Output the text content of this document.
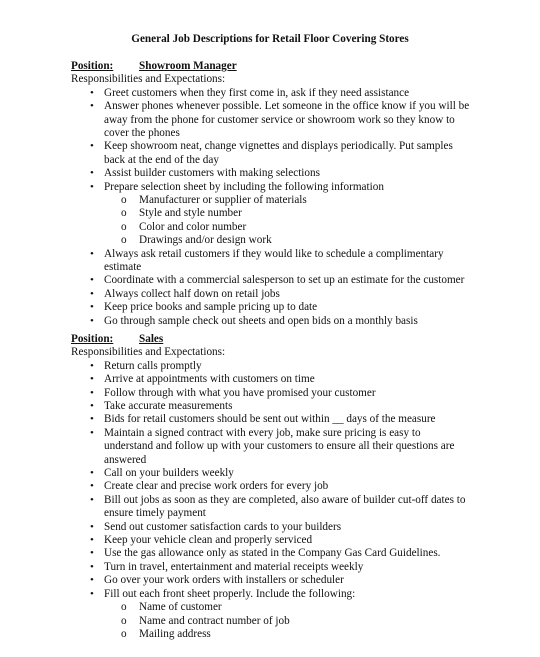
General Job Descriptions for Retail Floor Covering Stores
Position: Showroom Manager
Responsibilities and Expectations:
• Greet customers when they first come in, ask if they need assistance
• Answer phones whenever possible. Let someone in the office know if you will be away from the phone for customer service or showroom work so they know to cover the phones
• Keep showroom neat, change vignettes and displays periodically. Put samples back at the end of the day
• Assist builder customers with making selections
• Prepare selection sheet by including the following information
o Manufacturer or supplier of materials
o Style and style number
o Color and color number
o Drawings and/or design work
• Always ask retail customers if they would like to schedule a complimentary estimate
• Coordinate with a commercial salesperson to set up an estimate for the customer
• Always collect half down on retail jobs
• Keep price books and sample pricing up to date
• Go through sample check out sheets and open bids on a monthly basis
Position: Sales
Responsibilities and Expectations:
• Return calls promptly
• Arrive at appointments with customers on time
• Follow through with what you have promised your customer
• Take accurate measurements
• Bids for retail customers should be sent out within __ days of the measure
• Maintain a signed contract with every job, make sure pricing is easy to understand and follow up with your customers to ensure all their questions are answered
• Call on your builders weekly
• Create clear and precise work orders for every job
• Bill out jobs as soon as they are completed, also aware of builder cut-off dates to ensure timely payment
• Send out customer satisfaction cards to your builders
• Keep your vehicle clean and properly serviced
• Use the gas allowance only as stated in the Company Gas Card Guidelines.
• Turn in travel, entertainment and material receipts weekly
• Go over your work orders with installers or scheduler
• Fill out each front sheet properly. Include the following:
o Name of customer
o Name and contract number of job
o Mailing address
